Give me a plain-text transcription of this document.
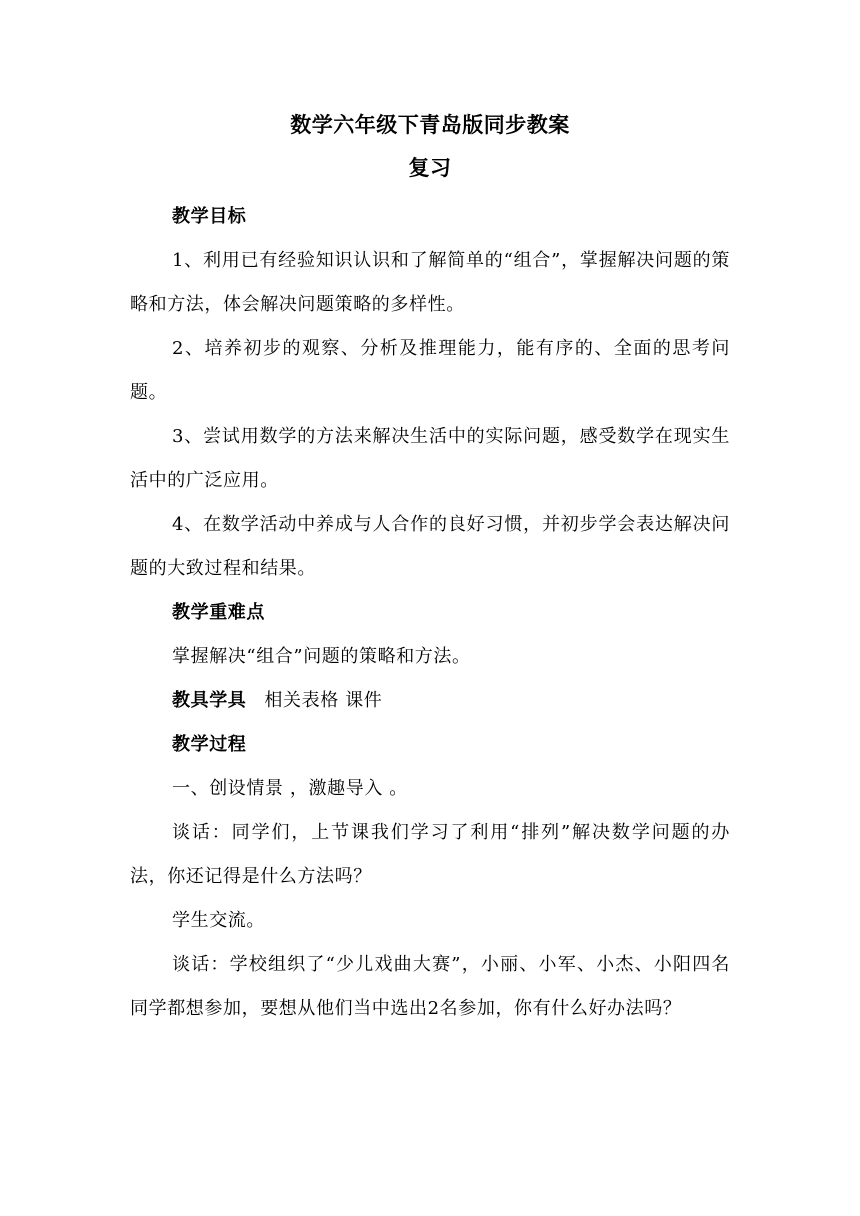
数学六年级下青岛版同步教案
复习

教学目标

1、利用已有经验知识认识和了解简单的“组合”，掌握解决问题的策略和方法，体会解决问题策略的多样性。

2、培养初步的观察、分析及推理能力，能有序的、全面的思考问题。

3、尝试用数学的方法来解决生活中的实际问题，感受数学在现实生活中的广泛应用。

4、在数学活动中养成与人合作的良好习惯，并初步学会表达解决问题的大致过程和结果。

教学重难点

掌握解决“组合”问题的策略和方法。

教具学具 相关表格 课件

教学过程

一、创设情景 ，激趣导入 。

谈话：同学们，上节课我们学习了利用“排列”解决数学问题的办法，你还记得是什么方法吗？

学生交流。

谈话：学校组织了“少儿戏曲大赛”，小丽、小军、小杰、小阳四名同学都想参加，要想从他们当中选出2名参加，你有什么好办法吗？
